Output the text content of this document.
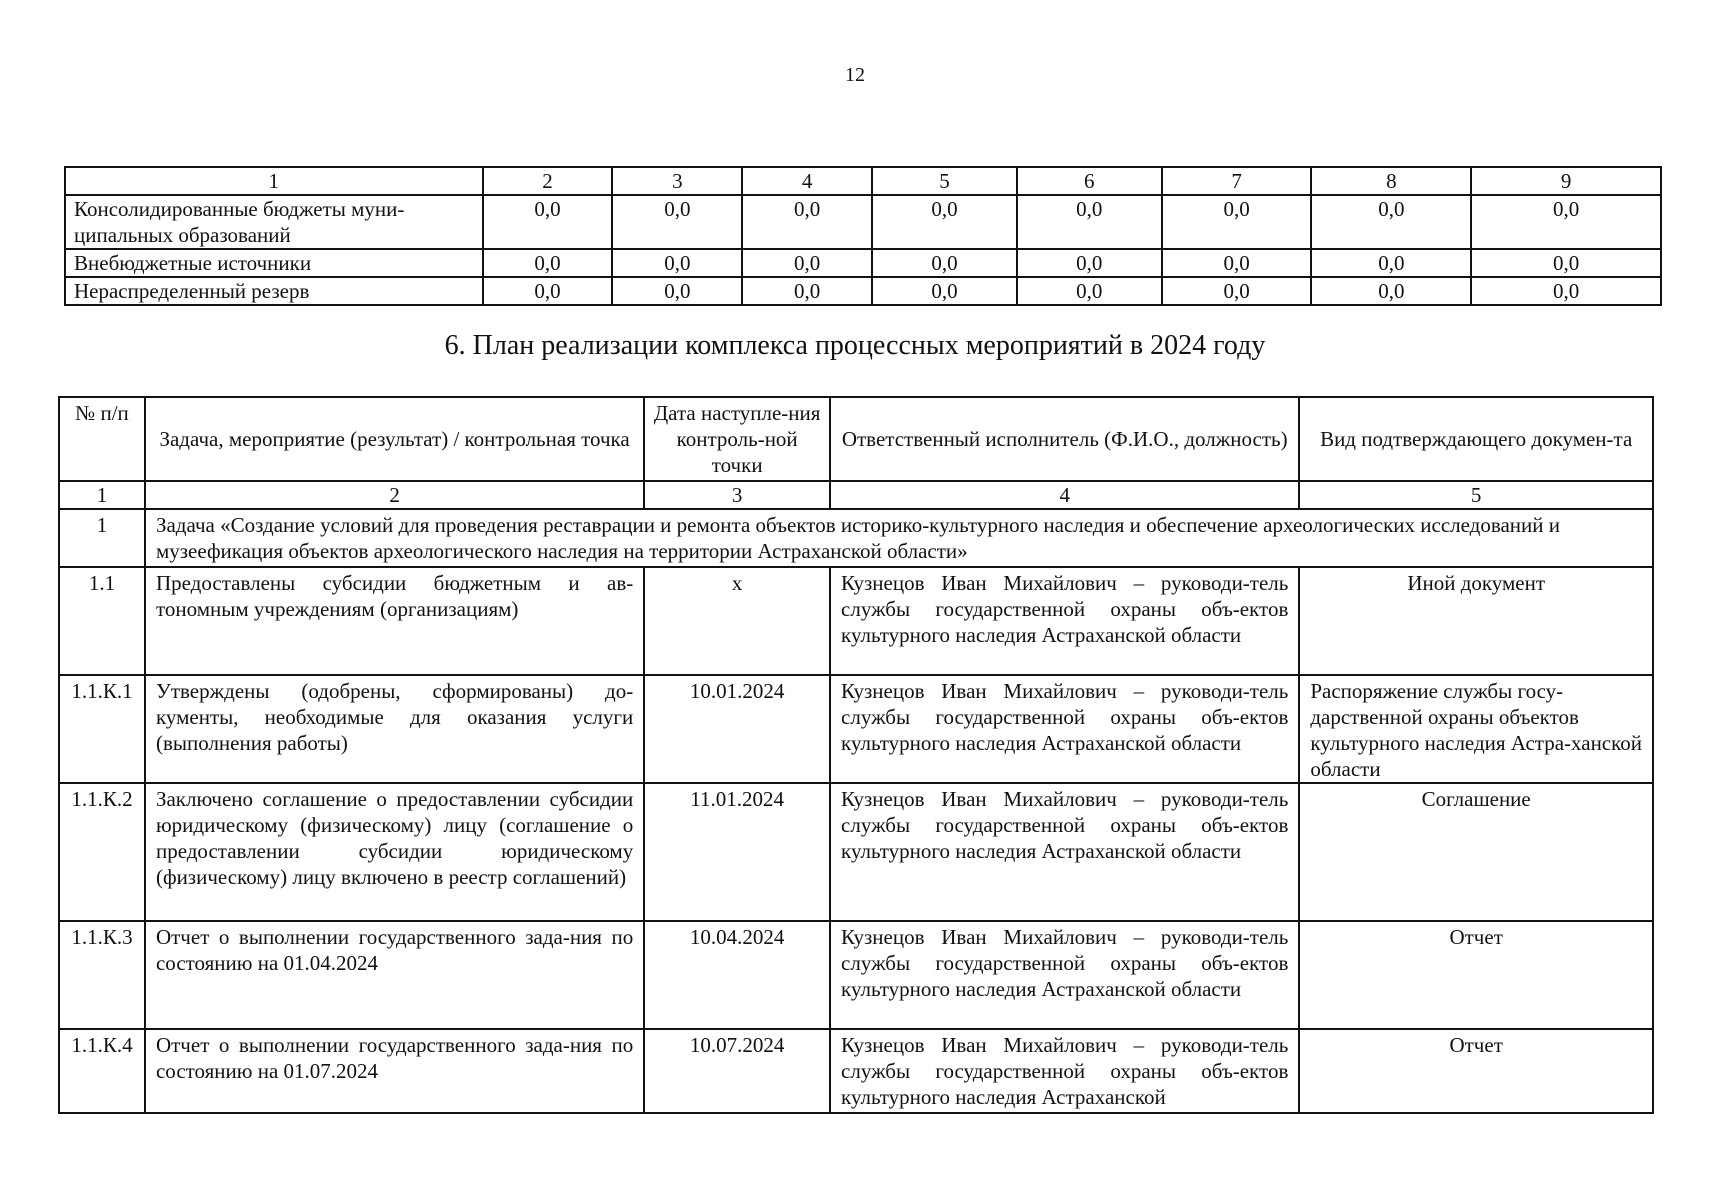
12
1	2	3	4	5	6	7	8	9
Консолидированные бюджеты муни-ципальных образований	0,0	0,0	0,0	0,0	0,0	0,0	0,0	0,0
Внебюджетные источники	0,0	0,0	0,0	0,0	0,0	0,0	0,0	0,0
Нераспределенный резерв	0,0	0,0	0,0	0,0	0,0	0,0	0,0	0,0
6. План реализации комплекса процессных мероприятий в 2024 году
№ п/п	Задача, мероприятие (результат) / контрольная точка	Дата наступле-ния контроль-ной точки	Ответственный исполнитель (Ф.И.О., должность)	Вид подтверждающего докумен-та
1	2	3	4	5
1	Задача «Создание условий для проведения реставрации и ремонта объектов историко-культурного наследия и обеспечение археологических исследований и музеефикация объектов археологического наследия на территории Астраханской области»			
1.1	Предоставлены субсидии бюджетным и ав-тономным учреждениям (организациям)	x	Кузнецов Иван Михайлович – руководи-тель службы государственной охраны объ-ектов культурного наследия Астраханской области	Иной документ
1.1.К.1	Утверждены (одобрены, сформированы) до-кументы, необходимые для оказания услуги (выполнения работы)	10.01.2024	Кузнецов Иван Михайлович – руководи-тель службы государственной охраны объ-ектов культурного наследия Астраханской области	Распоряжение службы госу-дарственной охраны объектов культурного наследия Астра-ханской области
1.1.К.2	Заключено соглашение о предоставлении субсидии юридическому (физическому) лицу (соглашение о предоставлении субсидии юридическому (физическому) лицу включено в реестр соглашений)	11.01.2024	Кузнецов Иван Михайлович – руководи-тель службы государственной охраны объ-ектов культурного наследия Астраханской области	Соглашение
1.1.К.3	Отчет о выполнении государственного зада-ния по состоянию на 01.04.2024	10.04.2024	Кузнецов Иван Михайлович – руководи-тель службы государственной охраны объ-ектов культурного наследия Астраханской области	Отчет
1.1.К.4	Отчет о выполнении государственного зада-ния по состоянию на 01.07.2024	10.07.2024	Кузнецов Иван Михайлович – руководи-тель службы государственной охраны объ-ектов культурного наследия Астраханской	Отчет
